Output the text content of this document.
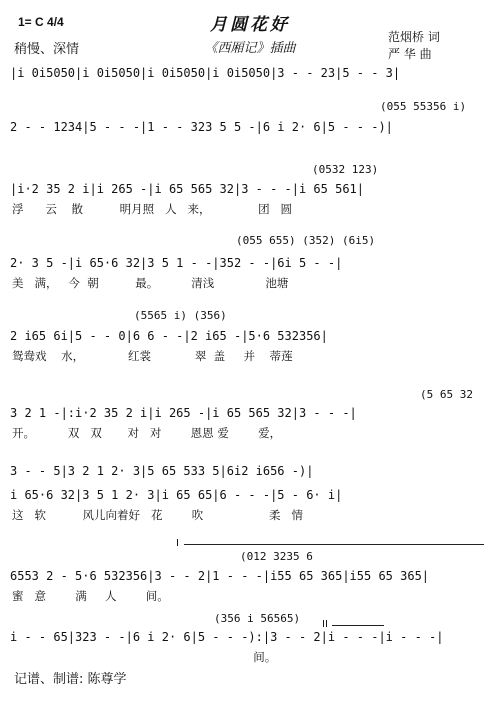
1= C 4/4
稍慢、深情
月圆花好
《西厢记》插曲
范烟桥 词
严 华 曲
|i 0i5050|i 0i5050|i 0i5050|i 0i5050|3 - - 23|5 - - 3|
(055 55356 i)
2 - - 1234|5 - - -|1 - - 323 5 5 -|6 i 2· 6|5 - - -)|
(0532 123)
|i·2 35 2 i|i 265 -|i 65 565 32|3 - - -|i 65 561|
浮      云    散          明月照   人   来，             团   圆
(055 655) (352) (6i5)
2· 3 5 -|i 65·6 32|3 5 1 - -|352 - -|6i 5 - -|
美   满，   今  朝          最。         清浅              池塘
(5565 i) (356)
2 i65 6i|5 - - 0|6 6 - -|2 i65 -|5·6 532356|
鸳鸯戏    水，            红裳            翠  盖     并    蒂莲
(5 65 32
3 2 1 -|:i·2 35 2 i|i 265 -|i 65 565 32|3 - - -|
开。         双   双       对   对        恩恩 爱        爱，
3 - - 5|3 2 1 2· 3|5 65 533 5|6i2 i656 -)|
i 65·6 32|3 5 1 2· 3|i 65 65|6 - - -|5 - 6· i|
这   软          风儿向着好   花        吹                  柔   情
I
(012 3235 6
6553 2 - 5·6 532356|3 - - 2|1 - - -|i55 65 365|i55 65 365|
蜜   意        满     人        间。
(356 i 56565) II
i - - 65|323 - -|6 i 2· 6|5 - - -):|3 - - 2|i - - -|i - - -|
间。
记谱、制谱: 陈尊学
